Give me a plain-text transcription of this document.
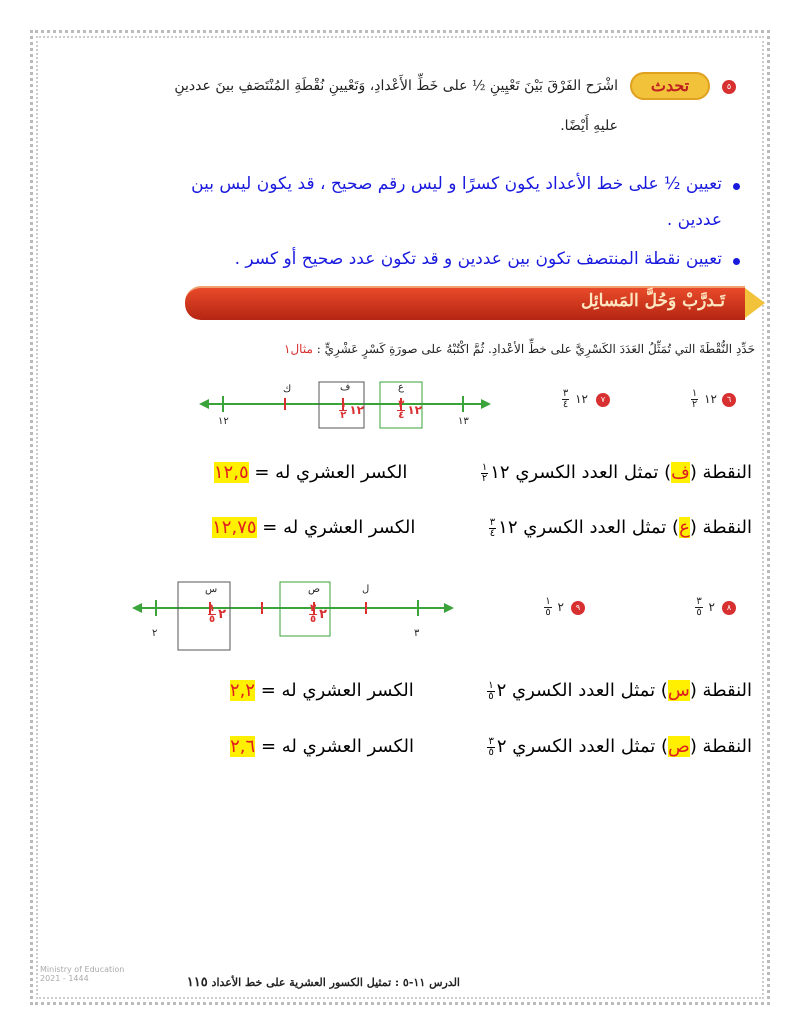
٥
تحدث
اشْرَح الفَرْقَ بَيْنَ تَعْيِينِ ½ على خَطِّ الأَعْدادِ، وَتَعْيينِ نُقْطَةِ المُنْتَصَفِ بينَ عددينِ
عليهِ أَيْضًا.
تعيين ½ على خط الأعداد يكون كسرًا و ليس رقم صحيح ، قد يكون ليس بين
عددين .
تعيين نقطة المنتصف تكون بين عددين و قد تكون عدد صحيح أو كسر .
تَـدرَّبْ وَحُلَّ المَسائِل
حَدِّدِ النُّقْطَةَ التي تُمَثِّلُ العَدَدَ الكَسْرِيَّ على خطِّ الأعْدادِ. ثُمَّ اكْتُبْهُ على صورَةِ كَسْرٍ عَشْرِيٍّ : مثال١
٦
١٢
$\frac{١}{٢}$
٧
١٢
$\frac{٣}{٤}$
١٢	١٣
ك	ف	ع
١٢
$\frac{١}{٢}$	١٢
$\frac{٣}{٤}$
النقطة (ف) تمثل العدد الكسري ١٢
$\frac{١}{٢}$
الكسر العشري له = ١٢,٥
النقطة (ع) تمثل العدد الكسري ١٢
$\frac{٣}{٤}$
الكسر العشري له = ١٢,٧٥
٨
٢
$\frac{٣}{٥}$
٩
٢
$\frac{١}{٥}$
٢	٣
س	ص	ل
٢
$\frac{١}{٥}$	٢
$\frac{٣}{٥}$
النقطة (س) تمثل العدد الكسري ٢
$\frac{١}{٥}$
الكسر العشري له = ٢,٢
النقطة (ص) تمثل العدد الكسري ٢
$\frac{٣}{٥}$
الكسر العشري له = ٢,٦
Ministry of Education
2021 - 1444	الدرس ١١-٥ : تمثيل الكسور العشرية على خط الأعداد ١١٥
